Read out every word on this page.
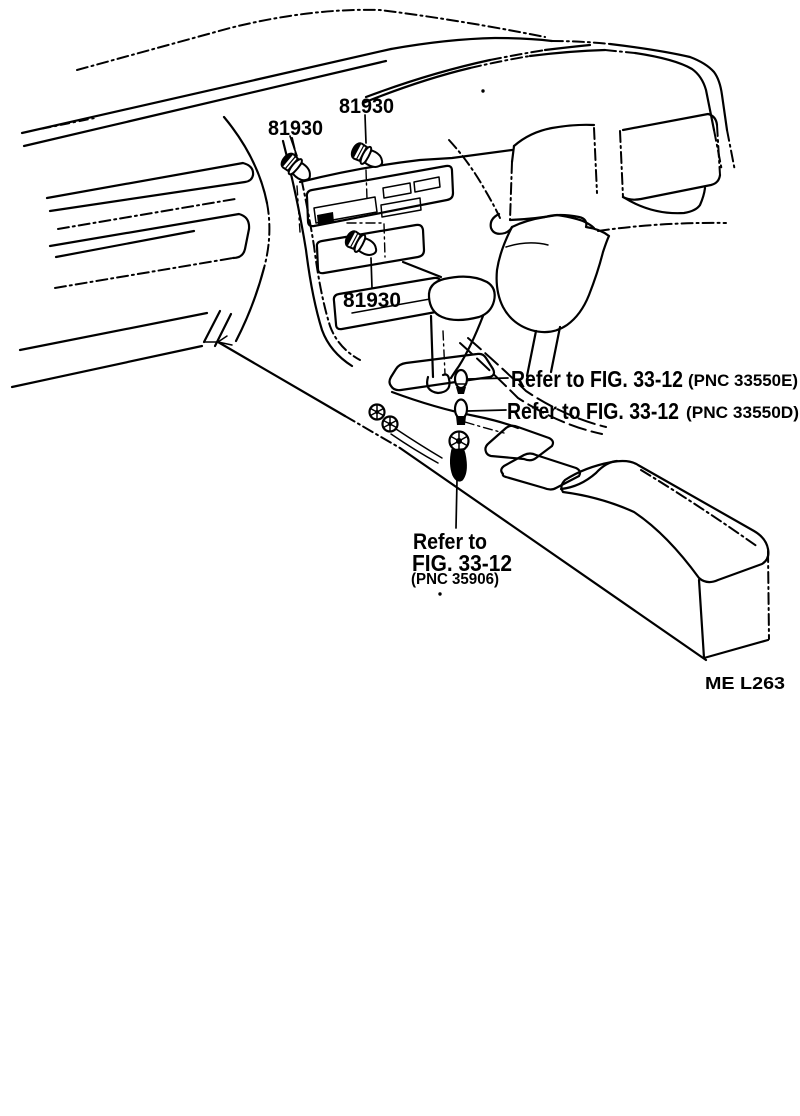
81930
81930
81930
Refer to FIG. 33-12 (PNC 33550E)
Refer to FIG. 33-12 (PNC 33550D)
Refer to
FIG. 33-12
(PNC 35906)
ME L263
